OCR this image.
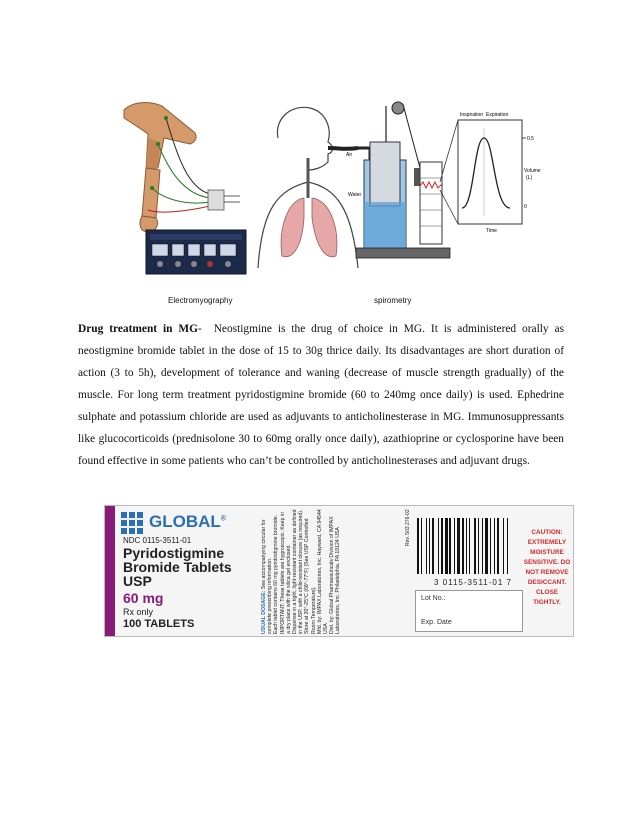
Inspiration Expiration
0.5
0
Volume
(L)
Time
Air
Water
Electromyography	spirometry
Drug treatment in MG- Neostigmine is the drug of choice in MG. It is administered orally as neostigmine bromide tablet in the dose of 15 to 30g thrice daily. Its disadvantages are short duration of action (3 to 5h), development of tolerance and waning (decrease of muscle strength gradually) of the muscle. For long term treatment pyridostigmine bromide (60 to 240mg once daily) is used. Ephedrine sulphate and potassium chloride are used as adjuvants to anticholinesterase in MG. Immunosuppressants like glucocorticoids (prednisolone 30 to 60mg orally once daily), azathioprine or cyclosporine have been found effective in some patients who can’t be controlled by anticholinesterases and adjuvant drugs.
GLOBAL®
NDC 0115-3511-01
Pyridostigmine
Bromide Tablets
USP
60 mg
Rx only
100 TABLETS	USUAL DOSAGE: See accompanying circular for complete prescribing information. Each tablet contains 60 mg pyridostigmine bromide. IMPORTANT: These tablets are hygroscopic. Keep in a dry place with the silica gel enclosed. Dispense in a tight, light-resistant container as defined in the USP, with a child-resistant closure (as required). Store at 20°-25°C (68°-77°F) [See USP Controlled Room Temperature]. Mfd. by: IMPAX Laboratories, Inc. Hayward, CA 94544 USA Dist. by: Global Pharmaceuticals Division of IMPAX Laboratories, Inc. Philadelphia, PA 19124 USA	Rev. 503 276-02
3 0115-3511-01 7
Lot No.:
Exp. Date
CAUTION: EXTREMELY MOISTURE SENSITIVE. DO NOT REMOVE DESICCANT. CLOSE TIGHTLY.
